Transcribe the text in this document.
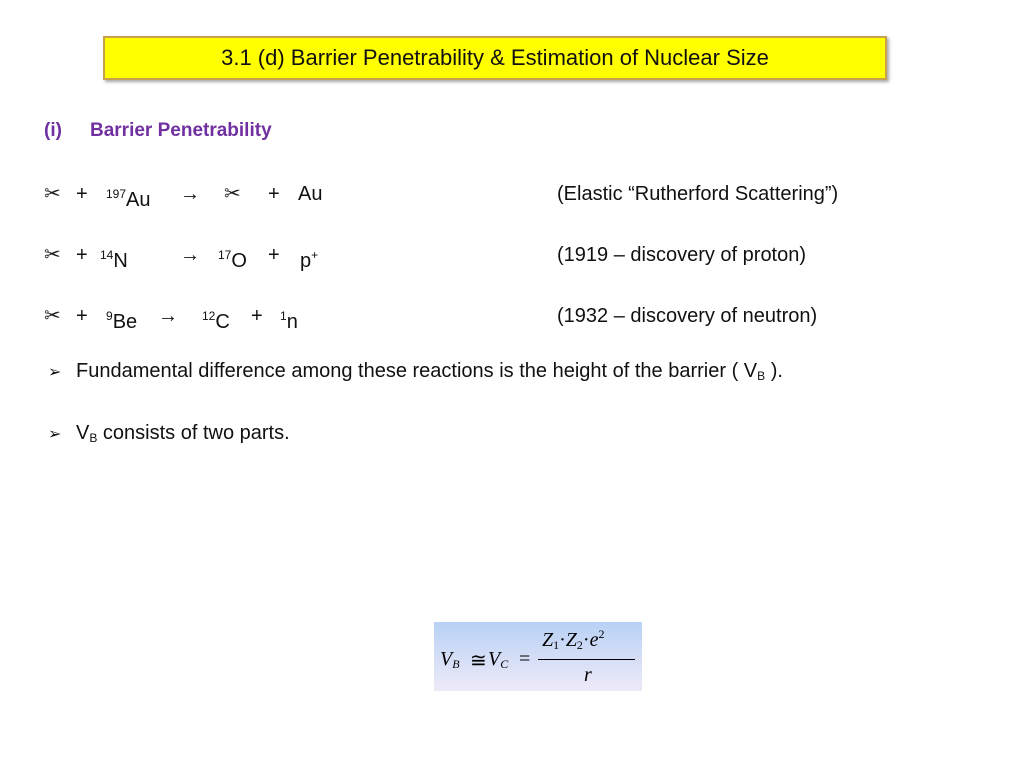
3.1 (d) Barrier Penetrability & Estimation of Nuclear Size
(i) Barrier Penetrability
✂ + $^{197}$Au → ✂ + Au	(Elastic “Rutherford Scattering”)
✂ + $^{14}$N	→ $^{17}$O + p+	(1919 – discovery of proton)
✂ + $^9$Be → $^{12}$C + $^1$n	(1932 – discovery of neutron)
➢ Fundamental difference among these reactions is the height of the barrier ( $V_B$ ).
➢ $V_B$ consists of two parts.
$V_B$ ≅ $V_C$ =
$Z_1\cdot Z_2\cdot e^2$
r
